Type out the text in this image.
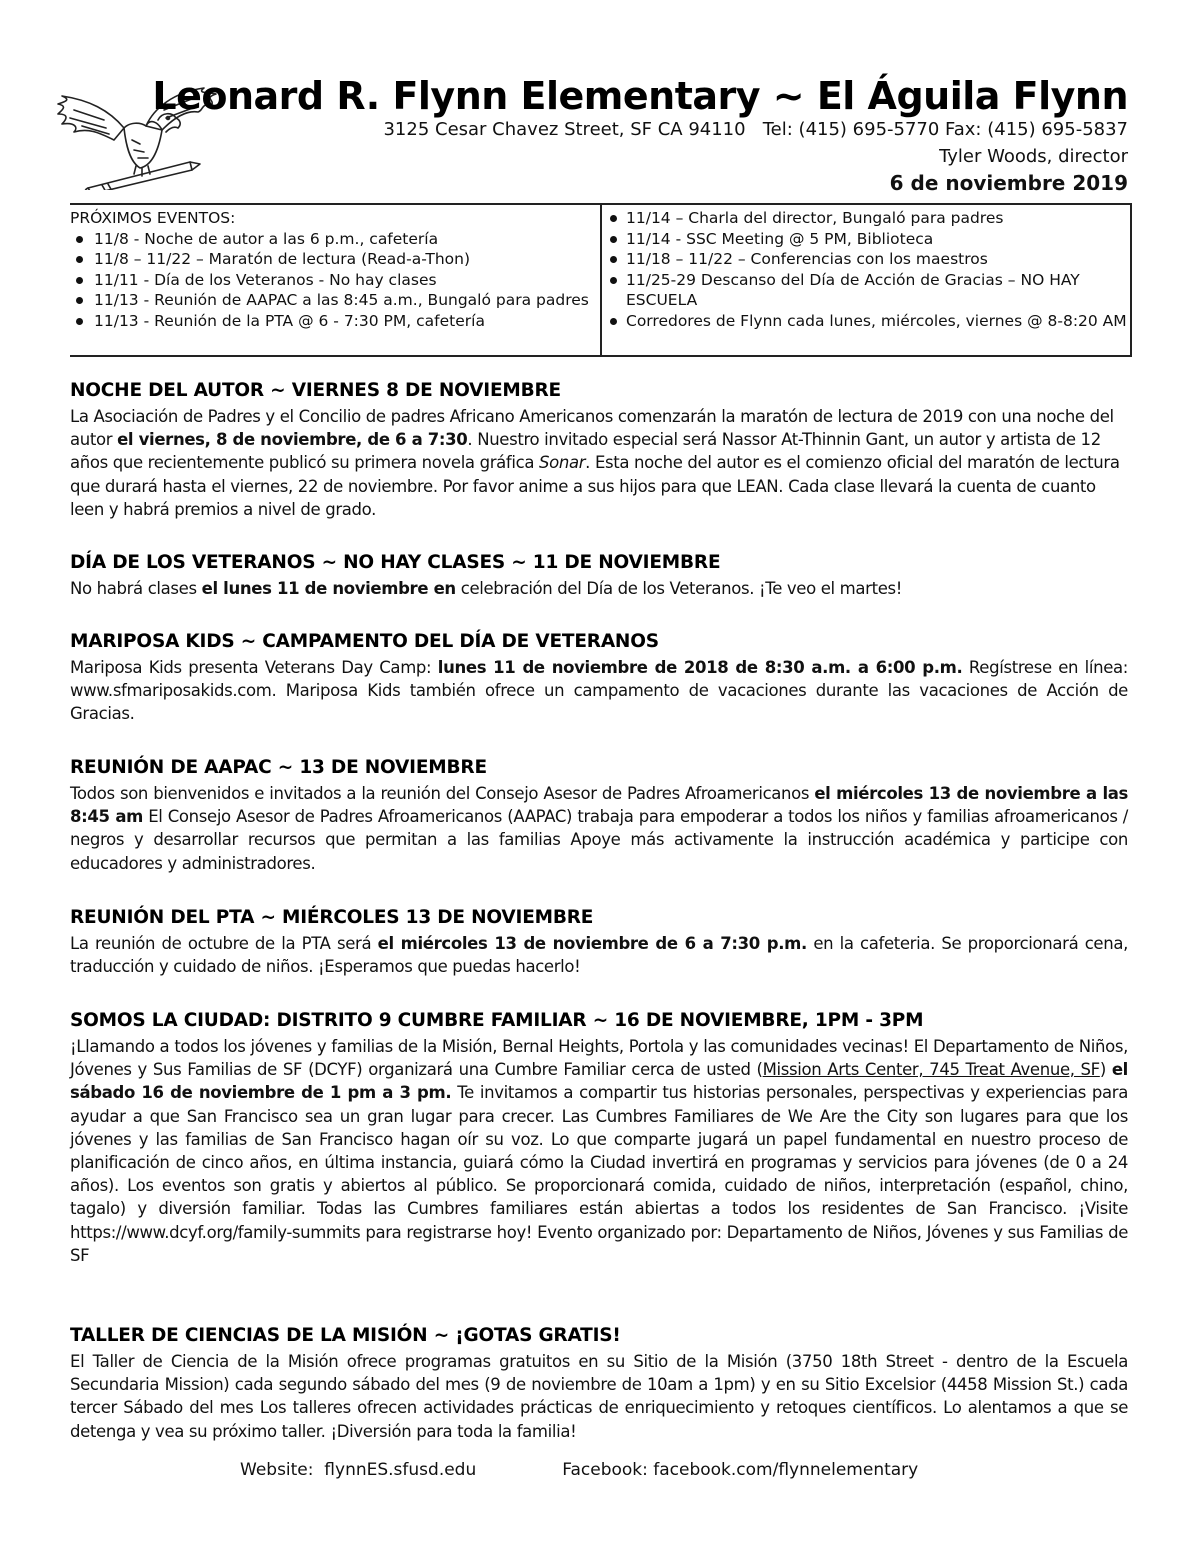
Leonard R. Flynn Elementary ~ El Águila Flynn
3125 Cesar Chavez Street, SF CA 94110   Tel: (415) 695-5770 Fax: (415) 695-5837
Tyler Woods, director
6 de noviembre 2019
PRÓXIMOS EVENTOS:
11/8 - Noche de autor a las 6 p.m., cafetería
11/8 – 11/22 – Maratón de lectura (Read-a-Thon)
11/11 - Día de los Veteranos - No hay clases
11/13 - Reunión de AAPAC a las 8:45 a.m., Bungaló para padres
11/13 - Reunión de la PTA @ 6 - 7:30 PM, cafetería
11/14 – Charla del director, Bungaló para padres
11/14 - SSC Meeting @ 5 PM, Biblioteca
11/18 – 11/22 – Conferencias con los maestros
11/25-29 Descanso del Día de Acción de Gracias – NO HAY ESCUELA
Corredores de Flynn cada lunes, miércoles, viernes @ 8-8:20 AM
NOCHE DEL AUTOR ~ VIERNES 8 DE NOVIEMBRE

La Asociación de Padres y el Concilio de padres Africano Americanos comenzarán la maratón de lectura de 2019 con una noche del autor el viernes, 8 de noviembre, de 6 a 7:30. Nuestro invitado especial será Nassor At-Thinnin Gant, un autor y artista de 12 años que recientemente publicó su primera novela gráfica Sonar. Esta noche del autor es el comienzo oficial del maratón de lectura que durará hasta el viernes, 22 de noviembre. Por favor anime a sus hijos para que LEAN. Cada clase llevará la cuenta de cuanto leen y habrá premios a nivel de grado.

DÍA DE LOS VETERANOS ~ NO HAY CLASES ~ 11 DE NOVIEMBRE

No habrá clases el lunes 11 de noviembre en celebración del Día de los Veteranos. ¡Te veo el martes!

MARIPOSA KIDS ~ CAMPAMENTO DEL DÍA DE VETERANOS

Mariposa Kids presenta Veterans Day Camp: lunes 11 de noviembre de 2018 de 8:30 a.m. a 6:00 p.m. Regístrese en línea: www.sfmariposakids.com. Mariposa Kids también ofrece un campamento de vacaciones durante las vacaciones de Acción de Gracias.

REUNIÓN DE AAPAC ~ 13 DE NOVIEMBRE

Todos son bienvenidos e invitados a la reunión del Consejo Asesor de Padres Afroamericanos el miércoles 13 de noviembre a las 8:45 am El Consejo Asesor de Padres Afroamericanos (AAPAC) trabaja para empoderar a todos los niños y familias afroamericanos / negros y desarrollar recursos que permitan a las familias Apoye más activamente la instrucción académica y participe con educadores y administradores.

REUNIÓN DEL PTA ~ MIÉRCOLES 13 DE NOVIEMBRE

La reunión de octubre de la PTA será el miércoles 13 de noviembre de 6 a 7:30 p.m. en la cafeteria. Se proporcionará cena, traducción y cuidado de niños. ¡Esperamos que puedas hacerlo!

SOMOS LA CIUDAD: DISTRITO 9 CUMBRE FAMILIAR ~ 16 DE NOVIEMBRE, 1PM - 3PM

¡Llamando a todos los jóvenes y familias de la Misión, Bernal Heights, Portola y las comunidades vecinas! El Departamento de Niños, Jóvenes y Sus Familias de SF (DCYF) organizará una Cumbre Familiar cerca de usted (Mission Arts Center, 745 Treat Avenue, SF) el sábado 16 de noviembre de 1 pm a 3 pm. Te invitamos a compartir tus historias personales, perspectivas y experiencias para ayudar a que San Francisco sea un gran lugar para crecer. Las Cumbres Familiares de We Are the City son lugares para que los jóvenes y las familias de San Francisco hagan oír su voz. Lo que comparte jugará un papel fundamental en nuestro proceso de planificación de cinco años, en última instancia, guiará cómo la Ciudad invertirá en programas y servicios para jóvenes (de 0 a 24 años). Los eventos son gratis y abiertos al público. Se proporcionará comida, cuidado de niños, interpretación (español, chino, tagalo) y diversión familiar. Todas las Cumbres familiares están abiertas a todos los residentes de San Francisco. ¡Visite https://www.dcyf.org/family-summits para registrarse hoy! Evento organizado por: Departamento de Niños, Jóvenes y sus Familias de SF

TALLER DE CIENCIAS DE LA MISIÓN ~ ¡GOTAS GRATIS!

El Taller de Ciencia de la Misión ofrece programas gratuitos en su Sitio de la Misión (3750 18th Street - dentro de la Escuela Secundaria Mission) cada segundo sábado del mes (9 de noviembre de 10am a 1pm) y en su Sitio Excelsior (4458 Mission St.) cada tercer Sábado del mes Los talleres ofrecen actividades prácticas de enriquecimiento y retoques científicos. Lo alentamos a que se detenga y vea su próximo taller. ¡Diversión para toda la familia!

Website:  flynnES.sfusd.edu	Facebook: facebook.com/flynnelementary
